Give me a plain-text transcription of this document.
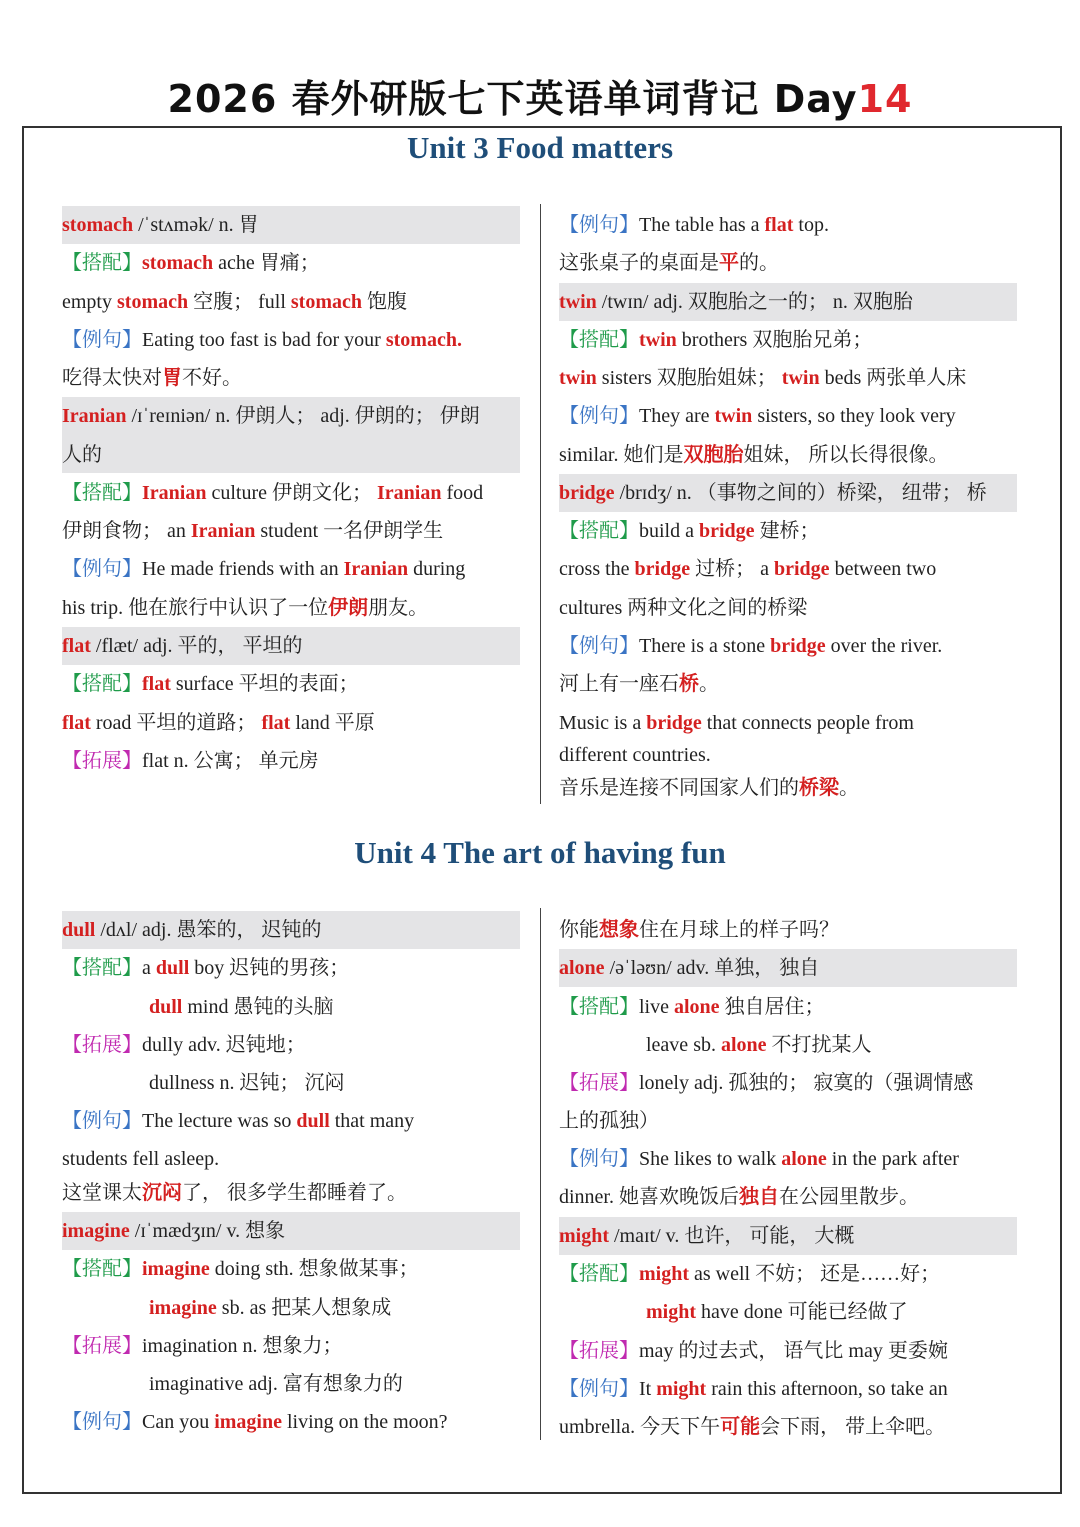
2026 春外研版七下英语单词背记 Day14
Unit 3 Food matters
Unit 4 The art of having fun
stomach /ˈstʌmək/ n. 胃
【搭配】stomach ache 胃痛；
empty stomach 空腹； full stomach 饱腹
【例句】Eating too fast is bad for your stomach.
吃得太快对胃不好。
Iranian /ɪˈreɪniən/ n. 伊朗人； adj. 伊朗的； 伊朗
人的
【搭配】Iranian culture 伊朗文化； Iranian food
伊朗食物； an Iranian student 一名伊朗学生
【例句】He made friends with an Iranian during
his trip. 他在旅行中认识了一位伊朗朋友。
flat /flæt/ adj. 平的， 平坦的
【搭配】flat surface 平坦的表面；
flat road 平坦的道路； flat land 平原
【拓展】flat n. 公寓； 单元房
【例句】The table has a flat top.
这张桌子的桌面是平的。
twin /twɪn/ adj. 双胞胎之一的； n. 双胞胎
【搭配】twin brothers 双胞胎兄弟；
twin sisters 双胞胎姐妹； twin beds 两张单人床
【例句】They are twin sisters, so they look very
similar. 她们是双胞胎姐妹， 所以长得很像。
bridge /brɪdʒ/ n. （事物之间的）桥梁， 纽带； 桥
【搭配】build a bridge 建桥；
cross the bridge 过桥； a bridge between two
cultures 两种文化之间的桥梁
【例句】There is a stone bridge over the river.
河上有一座石桥。
Music is a bridge that connects people from
different countries.
音乐是连接不同国家人们的桥梁。
dull /dʌl/ adj. 愚笨的， 迟钝的
【搭配】a dull boy 迟钝的男孩；
dull mind 愚钝的头脑
【拓展】dully adv. 迟钝地；
dullness n. 迟钝； 沉闷
【例句】The lecture was so dull that many
students fell asleep.
这堂课太沉闷了， 很多学生都睡着了。
imagine /ɪˈmædʒɪn/ v. 想象
【搭配】imagine doing sth. 想象做某事；
imagine sb. as 把某人想象成
【拓展】imagination n. 想象力；
imaginative adj. 富有想象力的
【例句】Can you imagine living on the moon?
你能想象住在月球上的样子吗？
alone /əˈləʊn/ adv. 单独， 独自
【搭配】live alone 独自居住；
leave sb. alone 不打扰某人
【拓展】lonely adj. 孤独的； 寂寞的（强调情感
上的孤独）
【例句】She likes to walk alone in the park after
dinner. 她喜欢晚饭后独自在公园里散步。
might /maɪt/ v. 也许， 可能， 大概
【搭配】might as well 不妨； 还是……好；
might have done 可能已经做了
【拓展】may 的过去式， 语气比 may 更委婉
【例句】It might rain this afternoon, so take an
umbrella. 今天下午可能会下雨， 带上伞吧。
